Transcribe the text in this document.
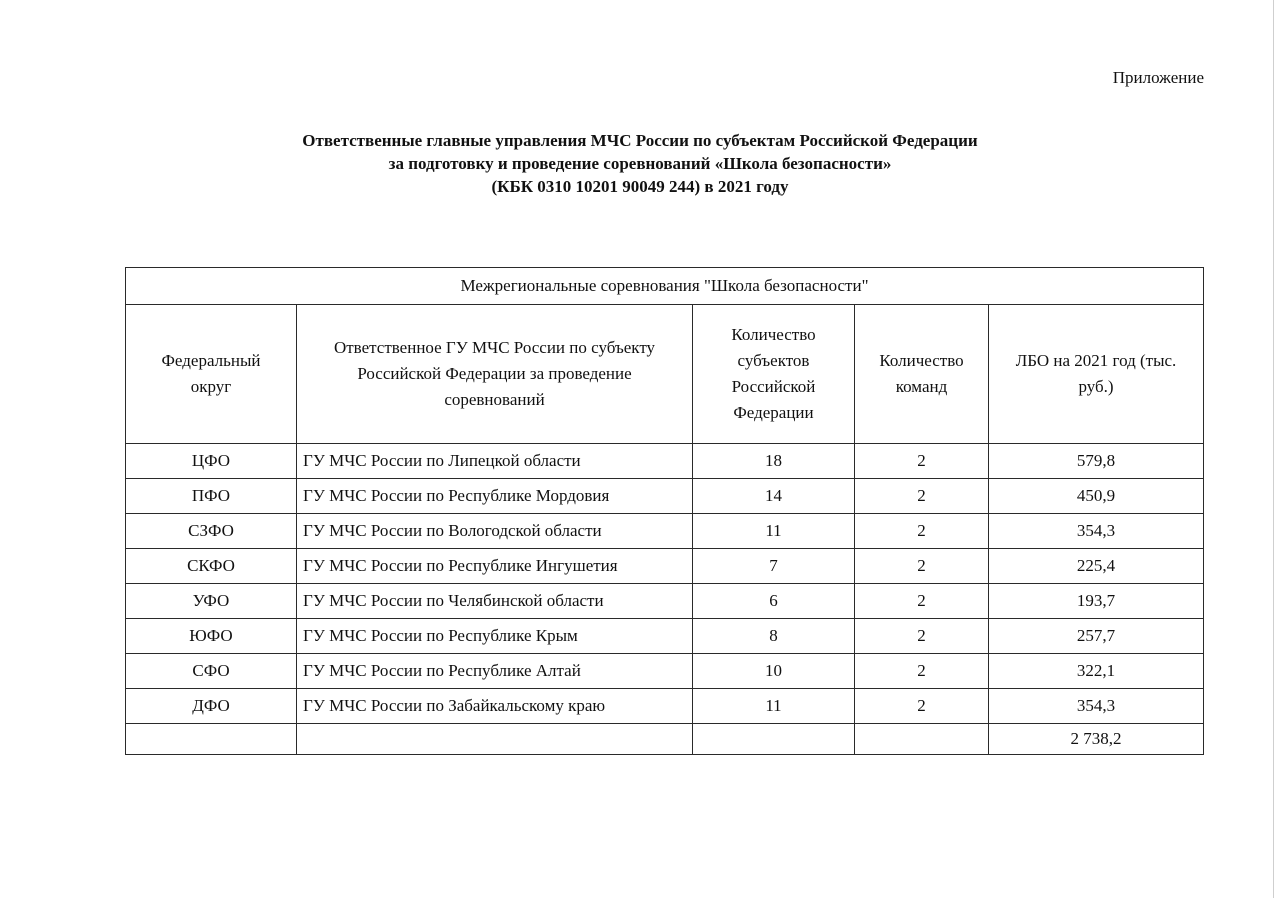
Приложение
Ответственные главные управления МЧС России по субъектам Российской Федерации
за подготовку и проведение соревнований «Школа безопасности»
(КБК 0310 10201 90049 244) в 2021 году
Межрегиональные соревнования "Школа безопасности"				
Федеральный округ	Ответственное ГУ МЧС России по субъекту Российской Федерации за проведение соревнований	Количество субъектов Российской Федерации	Количество команд	ЛБО на 2021 год (тыс. руб.)
ЦФО	ГУ МЧС России по Липецкой области	18	2	579,8
ПФО	ГУ МЧС России по Республике Мордовия	14	2	450,9
СЗФО	ГУ МЧС России по Вологодской области	11	2	354,3
СКФО	ГУ МЧС России по Республике Ингушетия	7	2	225,4
УФО	ГУ МЧС России по Челябинской области	6	2	193,7
ЮФО	ГУ МЧС России по Республике Крым	8	2	257,7
СФО	ГУ МЧС России по Республике Алтай	10	2	322,1
ДФО	ГУ МЧС России по Забайкальскому краю	11	2	354,3
				2 738,2
